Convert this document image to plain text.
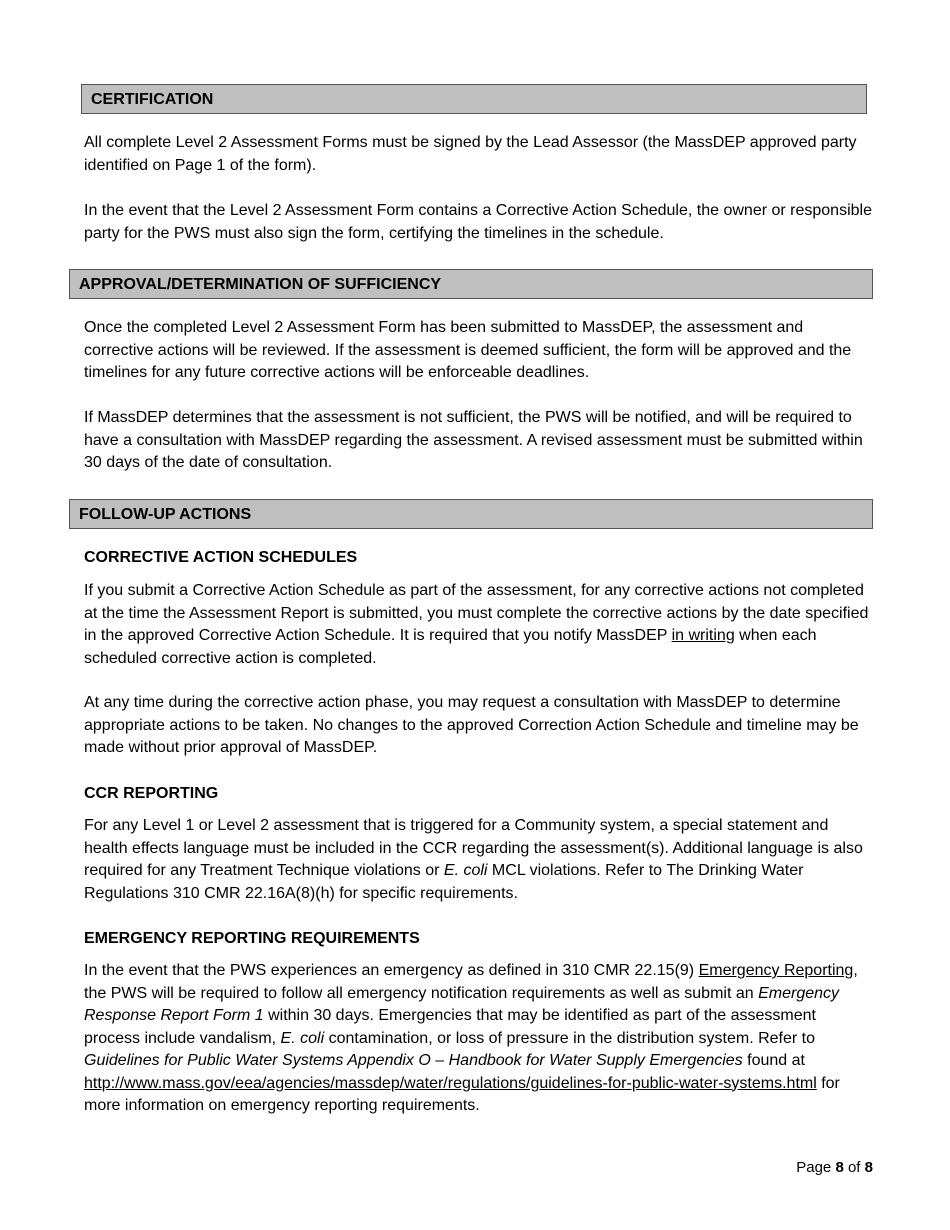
CERTIFICATION

All complete Level 2 Assessment Forms must be signed by the Lead Assessor (the MassDEP approved party identified on Page 1 of the form).

In the event that the Level 2 Assessment Form contains a Corrective Action Schedule, the owner or responsible party for the PWS must also sign the form, certifying the timelines in the schedule.

APPROVAL/DETERMINATION OF SUFFICIENCY

Once the completed Level 2 Assessment Form has been submitted to MassDEP, the assessment and corrective actions will be reviewed. If the assessment is deemed sufficient, the form will be approved and the timelines for any future corrective actions will be enforceable deadlines.

If MassDEP determines that the assessment is not sufficient, the PWS will be notified, and will be required to have a consultation with MassDEP regarding the assessment. A revised assessment must be submitted within 30 days of the date of consultation.

FOLLOW-UP ACTIONS

CORRECTIVE ACTION SCHEDULES

If you submit a Corrective Action Schedule as part of the assessment, for any corrective actions not completed at the time the Assessment Report is submitted, you must complete the corrective actions by the date specified in the approved Corrective Action Schedule. It is required that you notify MassDEP in writing when each scheduled corrective action is completed.

At any time during the corrective action phase, you may request a consultation with MassDEP to determine appropriate actions to be taken. No changes to the approved Correction Action Schedule and timeline may be made without prior approval of MassDEP.

CCR REPORTING

For any Level 1 or Level 2 assessment that is triggered for a Community system, a special statement and health effects language must be included in the CCR regarding the assessment(s). Additional language is also required for any Treatment Technique violations or E. coli MCL violations. Refer to The Drinking Water Regulations 310 CMR 22.16A(8)(h) for specific requirements.

EMERGENCY REPORTING REQUIREMENTS

In the event that the PWS experiences an emergency as defined in 310 CMR 22.15(9) Emergency Reporting, the PWS will be required to follow all emergency notification requirements as well as submit an Emergency Response Report Form 1 within 30 days. Emergencies that may be identified as part of the assessment process include vandalism, E. coli contamination, or loss of pressure in the distribution system. Refer to Guidelines for Public Water Systems Appendix O – Handbook for Water Supply Emergencies found at http://www.mass.gov/eea/agencies/massdep/water/regulations/guidelines-for-public-water-systems.html for more information on emergency reporting requirements.

Page 8 of 8
